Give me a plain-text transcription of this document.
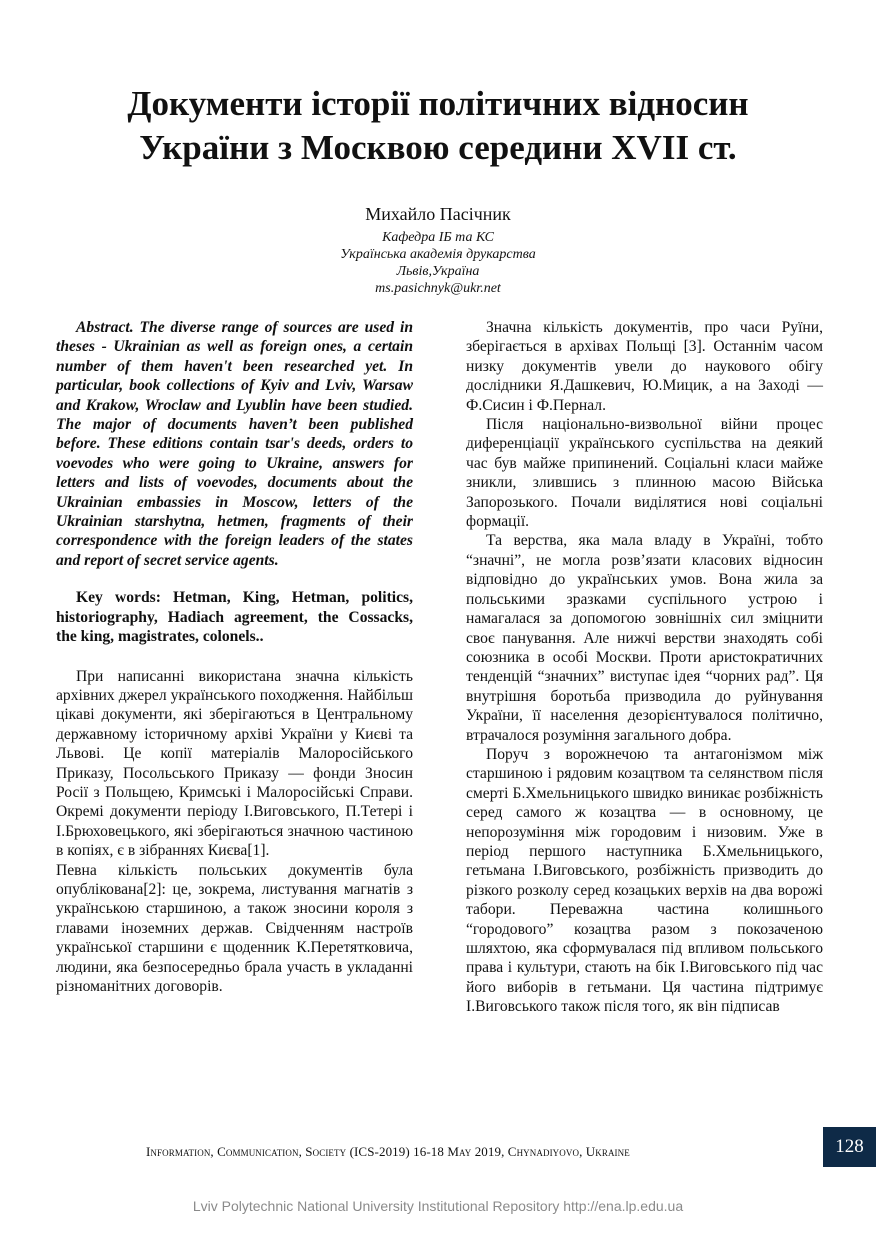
Документи історії політичних відносин
України з Москвою середини XVII ст.
Михайло Пасічник
Кафедра ІБ та КС
Українська академія друкарства
Львів,Україна
ms.pasichnyk@ukr.net

Abstract. The diverse range of sources are used in theses - Ukrainian as well as foreign ones, a certain number of them haven't been researched yet. In particular, book collections of Kyiv and Lviv, Warsaw and Krakow, Wroclaw and Lyublin have been studied. The major of documents haven’t been published before. These editions contain tsar's deeds, orders to voevodes who were going to Ukraine, answers for letters and lists of voevodes, documents about the Ukrainian embassies in Moscow, letters of the Ukrainian starshytna, hetmen, fragments of their correspondence with the foreign leaders of the states and report of secret service agents.

Key words: Hetman, King, Hetman, politics, historiography, Hadiach agreement, the Cossacks, the king, magistrates, colonels..

При написанні використана значна кількість архівних джерел українського походження. Найбільш цікаві документи, які зберігаються в Центральному державному історичному архіві України у Києві та Львові. Це копії матеріалів Малоросійського Приказу, Посольського Приказу — фонди Зносин Росії з Польщею, Кримські і Малоросійські Справи. Окремі документи періоду І.Виговського, П.Тетері і І.Брюховецького, які зберігаються значною частиною в копіях, є в зібраннях Києва[1].

Певна кількість польських документів була опублікована[2]: це, зокрема, листування магнатів з українською старшиною, а також зносини короля з главами іноземних держав. Свідченням настроїв української старшини є щоденник К.Перетятковича, людини, яка безпосередньо брала участь в укладанні різноманітних договорів.

Значна кількість документів, про часи Руїни, зберігається в архівах Польщі [3]. Останнім часом низку документів увели до наукового обігу дослідники Я.Дашкевич, Ю.Мицик, а на Заході — Ф.Сисин і Ф.Пернал.

Після національно-визвольної війни процес диференціації українського суспільства на деякий час був майже припинений. Соціальні класи майже зникли, злившись з плинною масою Війська Запорозького. Почали виділятися нові соціальні формації.

Та верства, яка мала владу в Україні, тобто “значні”, не могла розв’язати класових відносин відповідно до українських умов. Вона жила за польськими зразками суспільного устрою і намагалася за допомогою зовнішніх сил зміцнити своє панування. Але нижчі верстви знаходять собі союзника в особі Москви. Проти аристократичних тенденцій “значних” виступає ідея “чорних рад”. Ця внутрішня боротьба призводила до руйнування України, її населення дезорієнтувалося політично, втрачалося розуміння загального добра.

Поруч з ворожнечою та антагонізмом між старшиною і рядовим козацтвом та селянством після смерті Б.Хмельницького швидко виникає розбіжність серед самого ж козацтва — в основному, це непорозуміння між городовим і низовим. Уже в період першого наступника Б.Хмельницького, гетьмана І.Виговського, розбіжність призводить до різкого розколу серед козацьких верхів на два ворожі табори. Переважна частина колишнього “городового” козацтва разом з покозаченою шляхтою, яка сформувалася під впливом польського права і культури, стають на бік І.Виговського під час його виборів в гетьмани. Ця частина підтримує І.Виговського також після того, як він підписав

Information, Communication, Society (ICS-2019) 16-18 May 2019, Chynadiyovo, Ukraine	128
Lviv Polytechnic National University Institutional Repository http://ena.lp.edu.ua
